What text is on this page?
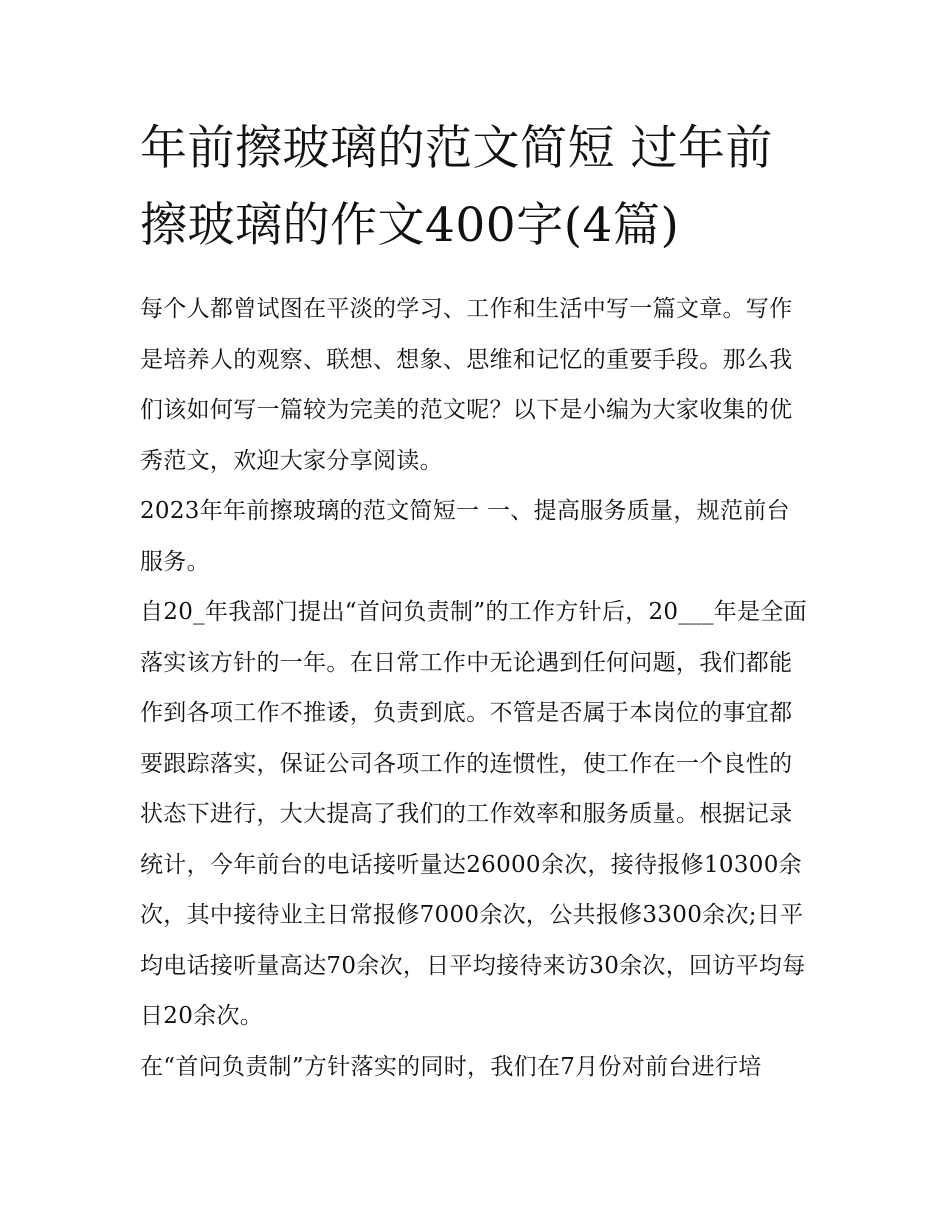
年前擦玻璃的范文简短 过年前擦玻璃的作文400字(4篇)

每个人都曾试图在平淡的学习、工作和生活中写一篇文章。写作是培养人的观察、联想、想象、思维和记忆的重要手段。那么我们该如何写一篇较为完美的范文呢？以下是小编为大家收集的优秀范文，欢迎大家分享阅读。

2023年年前擦玻璃的范文简短一 一、提高服务质量，规范前台服务。

自20_年我部门提出“首问负责制”的工作方针后，20___年是全面落实该方针的一年。在日常工作中无论遇到任何问题，我们都能作到各项工作不推诿，负责到底。不管是否属于本岗位的事宜都要跟踪落实，保证公司各项工作的连惯性，使工作在一个良性的状态下进行，大大提高了我们的工作效率和服务质量。根据记录统计，今年前台的电话接听量达26000余次，接待报修10300余次，其中接待业主日常报修7000余次，公共报修3300余次;日平均电话接听量高达70余次，日平均接待来访30余次，回访平均每日20余次。

在“首问负责制”方针落实的同时，我们在7月份对前台进行培
